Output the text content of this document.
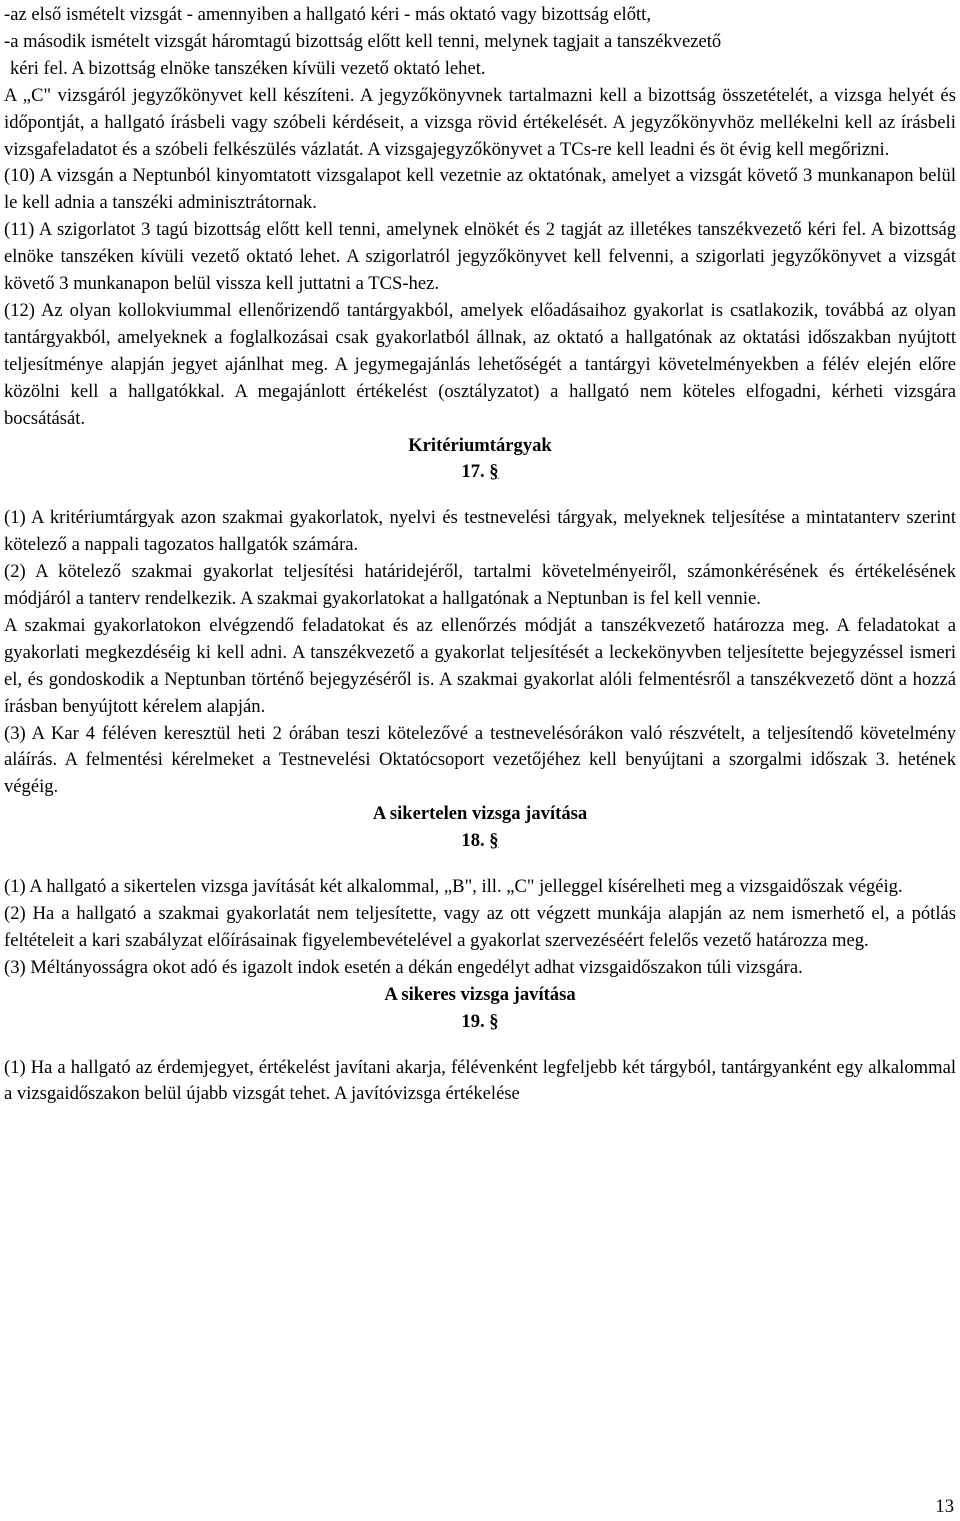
-az első ismételt vizsgát - amennyiben a hallgató kéri - más oktató vagy bizottság előtt,

-a második ismételt vizsgát háromtagú bizottság előtt kell tenni, melynek tagjait a tanszékvezető

kéri fel. A bizottság elnöke tanszéken kívüli vezető oktató lehet.

A „C" vizsgáról jegyzőkönyvet kell készíteni. A jegyzőkönyvnek tartalmazni kell a bizottság összetételét, a vizsga helyét és időpontját, a hallgató írásbeli vagy szóbeli kérdéseit, a vizsga rövid értékelését. A jegyzőkönyvhöz mellékelni kell az írásbeli vizsgafeladatot és a szóbeli felkészülés vázlatát. A vizsgajegyzőkönyvet a TCs-re kell leadni és öt évig kell megőrizni.

(10) A vizsgán a Neptunból kinyomtatott vizsgalapot kell vezetnie az oktatónak, amelyet a vizsgát követő 3 munkanapon belül le kell adnia a tanszéki adminisztrátornak.

(11) A szigorlatot 3 tagú bizottság előtt kell tenni, amelynek elnökét és 2 tagját az illetékes tanszékvezető kéri fel. A bizottság elnöke tanszéken kívüli vezető oktató lehet. A szigorlatról jegyzőkönyvet kell felvenni, a szigorlati jegyzőkönyvet a vizsgát követő 3 munkanapon belül vissza kell juttatni a TCS-hez.

(12) Az olyan kollokviummal ellenőrizendő tantárgyakból, amelyek előadásaihoz gyakorlat is csatlakozik, továbbá az olyan tantárgyakból, amelyeknek a foglalkozásai csak gyakorlatból állnak, az oktató a hallgatónak az oktatási időszakban nyújtott teljesítménye alapján jegyet ajánlhat meg. A jegymegajánlás lehetőségét a tantárgyi követelményekben a félév elején előre közölni kell a hallgatókkal. A megajánlott értékelést (osztályzatot) a hallgató nem köteles elfogadni, kérheti vizsgára bocsátását.

Kritériumtárgyak

17. §

(1) A kritériumtárgyak azon szakmai gyakorlatok, nyelvi és testnevelési tárgyak, melyeknek teljesítése a mintatanterv szerint kötelező a nappali tagozatos hallgatók számára.

(2) A kötelező szakmai gyakorlat teljesítési határidejéről, tartalmi követelményeiről, számonkérésének és értékelésének módjáról a tanterv rendelkezik. A szakmai gyakorlatokat a hallgatónak a Neptunban is fel kell vennie.

A szakmai gyakorlatokon elvégzendő feladatokat és az ellenőrzés módját a tanszékvezető határozza meg. A feladatokat a gyakorlati megkezdéséig ki kell adni. A tanszékvezető a gyakorlat teljesítését a leckekönyvben teljesítette bejegyzéssel ismeri el, és gondoskodik a Neptunban történő bejegyzéséről is. A szakmai gyakorlat alóli felmentésről a tanszékvezető dönt a hozzá írásban benyújtott kérelem alapján.

(3) A Kar 4 féléven keresztül heti 2 órában teszi kötelezővé a testnevelésórákon való részvételt, a teljesítendő követelmény aláírás. A felmentési kérelmeket a Testnevelési Oktatócsoport vezetőjéhez kell benyújtani a szorgalmi időszak 3. hetének végéig.

A sikertelen vizsga javítása

18. §

(1) A hallgató a sikertelen vizsga javítását két alkalommal, „B", ill. „C" jelleggel kísérelheti meg a vizsgaidőszak végéig.

(2) Ha a hallgató a szakmai gyakorlatát nem teljesítette, vagy az ott végzett munkája alapján az nem ismerhető el, a pótlás feltételeit a kari szabályzat előírásainak figyelembevételével a gyakorlat szervezéséért felelős vezető határozza meg.

(3) Méltányosságra okot adó és igazolt indok esetén a dékán engedélyt adhat vizsgaidőszakon túli vizsgára.

A sikeres vizsga javítása

19. §

(1) Ha a hallgató az érdemjegyet, értékelést javítani akarja, félévenként legfeljebb két tárgyból, tantárgyanként egy alkalommal a vizsgaidőszakon belül újabb vizsgát tehet. A javítóvizsga értékelése

13
